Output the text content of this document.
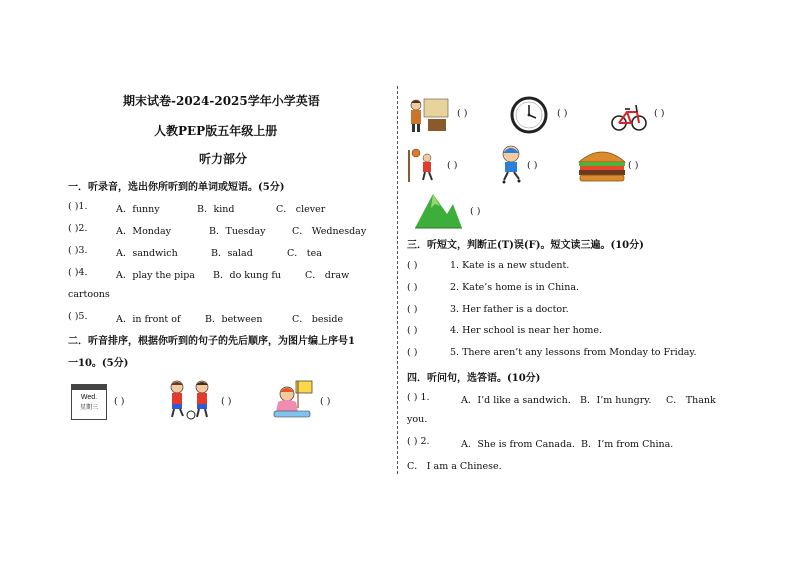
期末试卷-2024-2025学年小学英语
人教PEP版五年级上册
听力部分
一．听录音，选出你所听到的单词或短语。(5分)
( )1.	A．funny	B．kind	C． clever
( )2.	A．Monday	B．Tuesday	C． Wednesday
( )3.	A．sandwich	B．salad	C． tea
( )4.	A．play the pipa B．do kung fu	C． draw
cartoons
( )5.	A．in front of	B．between	C． beside
二．听音排序，根据你听到的句子的先后顺序，为图片编上序号1
一10。(5分)
Wed.
星期三
( )	( )	( )
( )	( )	( )
( )	( )	( )
( )
三．听短文，判断正(T)误(F)。短文读三遍。(10分)
( )	1. Kate is a new student.
( )	2. Kate’s home is in China.
( )	3. Her father is a doctor.
( )	4. Her school is near her home.
( )	5. There aren’t any lessons from Monday to Friday.
四．听问句，选答语。(10分)
( ) 1.	A．I’d like a sandwich. B．I’m hungry. C． Thank
you.
( ) 2.	A．She is from Canada. B．I’m from China.
C． I am a Chinese.
